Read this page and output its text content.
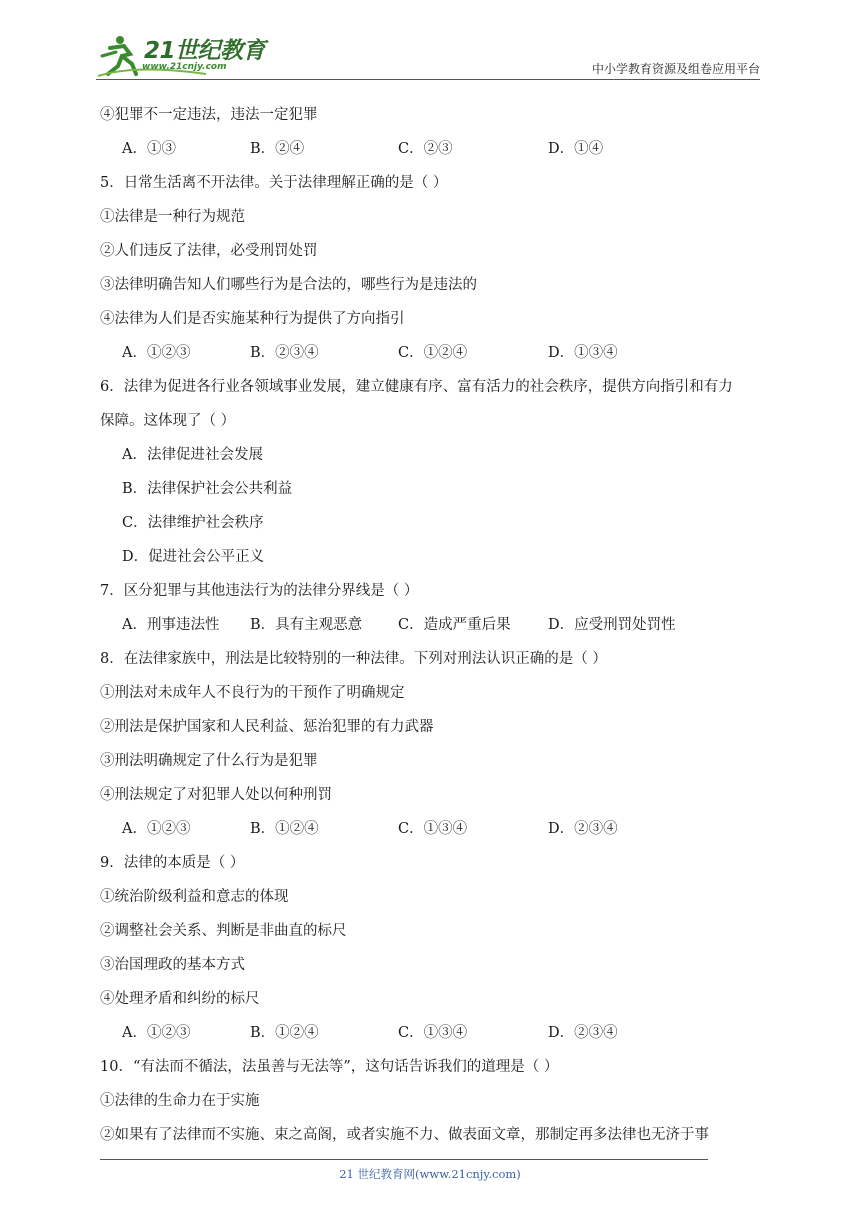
21世纪教育
www.21cnjy.com	中小学教育资源及组卷应用平台
④犯罪不一定违法，违法一定犯罪
A．①③	B．②④	C．②③	D．①④
5．日常生活离不开法律。关于法律理解正确的是（ ）
①法律是一种行为规范
②人们违反了法律，必受刑罚处罚
③法律明确告知人们哪些行为是合法的，哪些行为是违法的
④法律为人们是否实施某种行为提供了方向指引
A．①②③	B．②③④	C．①②④	D．①③④
6．法律为促进各行业各领域事业发展，建立健康有序、富有活力的社会秩序，提供方向指引和有力
保障。这体现了（ ）
A．法律促进社会发展
B．法律保护社会公共利益
C．法律维护社会秩序
D．促进社会公平正义
7．区分犯罪与其他违法行为的法律分界线是（ ）
A．刑事违法性 B．具有主观恶意 C．造成严重后果	D．应受刑罚处罚性
8．在法律家族中，刑法是比较特别的一种法律。下列对刑法认识正确的是（ ）
①刑法对未成年人不良行为的干预作了明确规定
②刑法是保护国家和人民利益、惩治犯罪的有力武器
③刑法明确规定了什么行为是犯罪
④刑法规定了对犯罪人处以何种刑罚
A．①②③	B．①②④	C．①③④	D．②③④
9．法律的本质是（ ）
①统治阶级利益和意志的体现
②调整社会关系、判断是非曲直的标尺
③治国理政的基本方式
④处理矛盾和纠纷的标尺
A．①②③	B．①②④	C．①③④	D．②③④
10．“有法而不循法，法虽善与无法等”，这句话告诉我们的道理是（ ）
①法律的生命力在于实施
②如果有了法律而不实施、束之高阁，或者实施不力、做表面文章，那制定再多法律也无济于事
21 世纪教育网(www.21cnjy.com)
